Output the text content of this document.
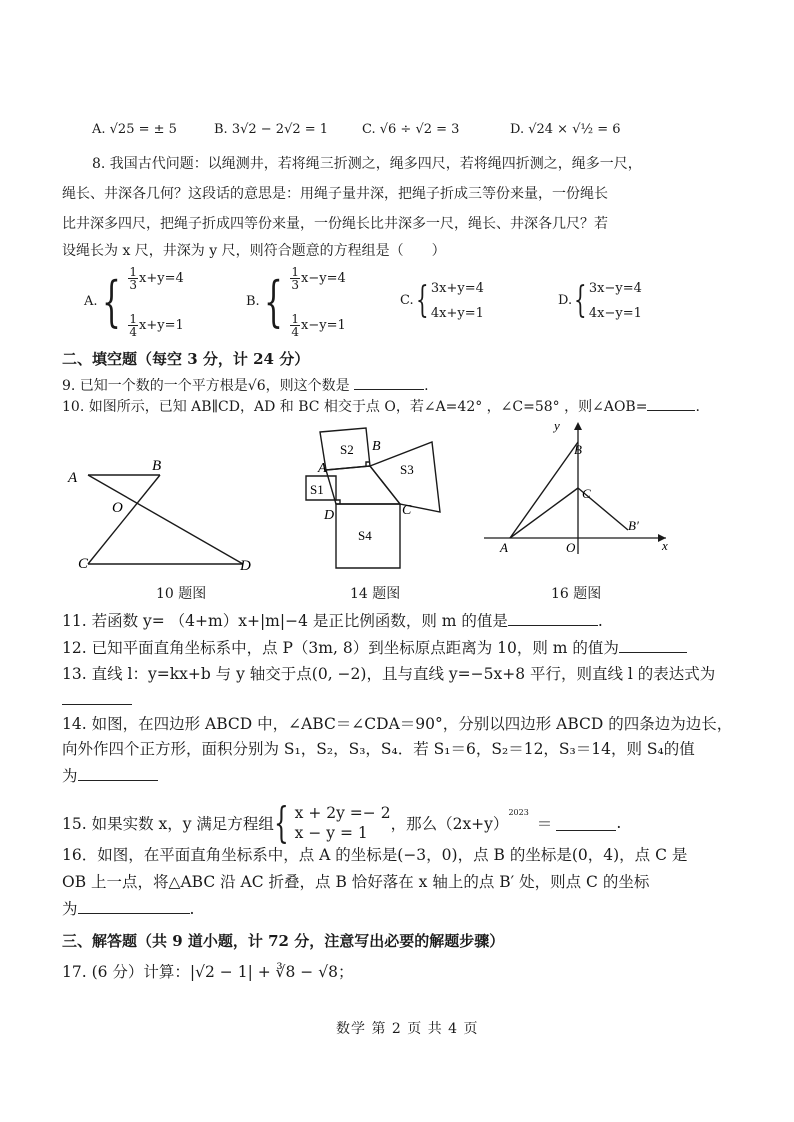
A. √25 = ± 5	B. 3√2 − 2√2 = 1	C. √6 ÷ √2 = 3	D. √24 × √½ = 6
8. 我国古代问题：以绳测井，若将绳三折测之，绳多四尺，若将绳四折测之，绳多一尺，
绳长、井深各几何？这段话的意思是：用绳子量井深，把绳子折成三等份来量，一份绳长
比井深多四尺，把绳子折成四等份来量，一份绳长比井深多一尺，绳长、井深各几尺？若
设绳长为 x 尺，井深为 y 尺，则符合题意的方程组是（　　）
A. { $\frac{1}{3} x+y=4$
$\frac{1}{4} x+y=1$
B. { $\frac{1}{3} x-y=4$
$\frac{1}{4} x-y=1$
C. { 3x+y=4
4x+y=1
D. { 3x−y=4
4x−y=1
二、填空题（每空 3 分，计 24 分）
9. 已知一个数的一个平方根是√6，则这个数是	.
10. 如图所示，已知 AB∥CD，AD 和 BC 相交于点 O，若∠A=42° ，∠C=58° ，则∠AOB=	.
A
B
O
C	D
10 题图
S2 B
S3
A
S1
D	C
S4
14 题图
y
B
C
B′
A	O	x
16 题图
11. 若函数 y= （4+m）x+|m|−4 是正比例函数，则 m 的值是	.
12. 已知平面直角坐标系中，点 P（3m, 8）到坐标原点距离为 10，则 m 的值为
13. 直线 l：y=kx+b 与 y 轴交于点(0, −2)，且与直线 y=−5x+8 平行，则直线 l 的表达式为
14. 如图，在四边形 ABCD 中，∠ABC＝∠CDA＝90°，分别以四边形 ABCD 的四条边为边长，
向外作四个正方形，面积分别为 S₁，S₂，S₃，S₄．若 S₁＝6，S₂＝12，S₃＝14，则 S₄的值
为
15. 如果实数 x，y 满足方程组 { x + 2y =− 2
x − y = 1	，那么（2x+y）
$^{2023}$
＝	.
16．如图，在平面直角坐标系中，点 A 的坐标是(−3，0)，点 B 的坐标是(0，4)，点 C 是
OB 上一点，将△ABC 沿 AC 折叠，点 B 恰好落在 x 轴上的点 B′ 处，则点 C 的坐标
为	.
三、解答题（共 9 道小题，计 72 分，注意写出必要的解题步骤）
17. (6 分）计算：|√2 − 1| + ∛8 − √8；
数学 第 2 页 共 4 页
